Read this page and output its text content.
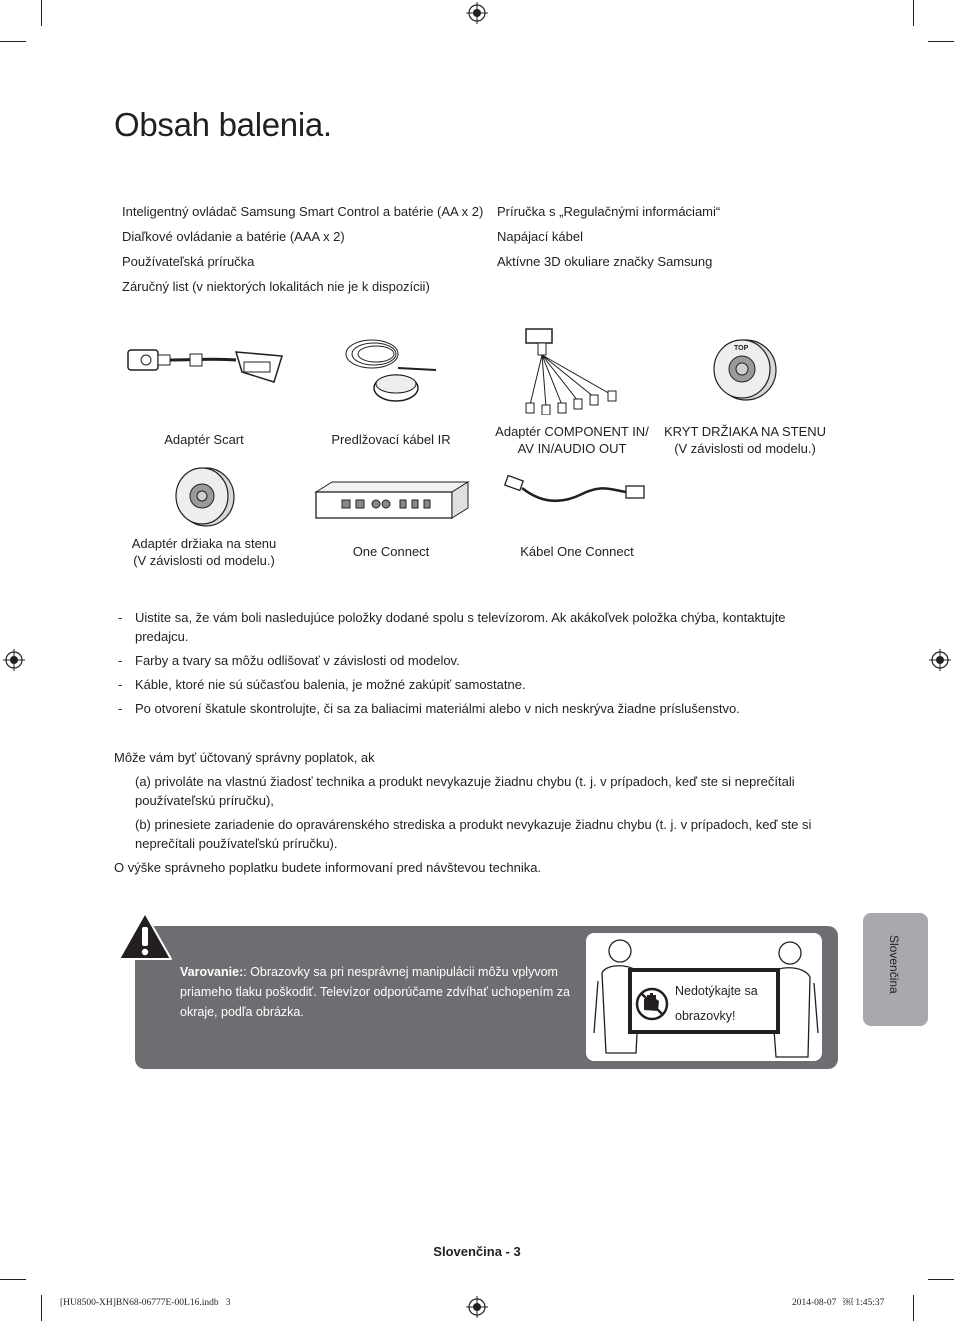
Obsah balenia.
Inteligentný ovládač Samsung Smart Control a batérie (AA x 2)
Diaľkové ovládanie a batérie (AAA x 2)
Používateľská príručka
Záručný list (v niektorých lokalitách nie je k dispozícii)
Príručka s „Regulačnými informáciami“
Napájací kábel
Aktívne 3D okuliare značky Samsung
TOP
Adaptér Scart	Predlžovací kábel IR
Adaptér COMPONENT IN/
AV IN/AUDIO OUT
KRYT DRŽIAKA NA STENU
(V závislosti od modelu.)
Adaptér držiaka na stenu
(V závislosti od modelu.)
One Connect	Kábel One Connect
- Uistite sa, že vám boli nasledujúce položky dodané spolu s televízorom. Ak akákoľvek položka chýba, kontaktujte predajcu.
- Farby a tvary sa môžu odlišovať v závislosti od modelov.
- Káble, ktoré nie sú súčasťou balenia, je možné zakúpiť samostatne.
- Po otvorení škatule skontrolujte, či sa za baliacimi materiálmi alebo v nich neskrýva žiadne príslušenstvo.
Môže vám byť účtovaný správny poplatok, ak
(a) privoláte na vlastnú žiadosť technika a produkt nevykazuje žiadnu chybu (t. j. v prípadoch, keď ste si neprečítali používateľskú príručku),
(b) prinesiete zariadenie do opravárenského strediska a produkt nevykazuje žiadnu chybu (t. j. v prípadoch, keď ste si neprečítali používateľskú príručku).
O výške správneho poplatku budete informovaní pred návštevou technika.
Varovanie:: Obrazovky sa pri nesprávnej manipulácii môžu vplyvom priameho tlaku poškodiť. Televízor odporúčame zdvíhať uchopením za okraje, podľa obrázka.
Nedotýkajte sa
obrazovky!
Slovenčina
Slovenčina - 3
[HU8500-XH]BN68-06777E-00L16.indb   3	2014-08-07   ￼ 1:45:37
